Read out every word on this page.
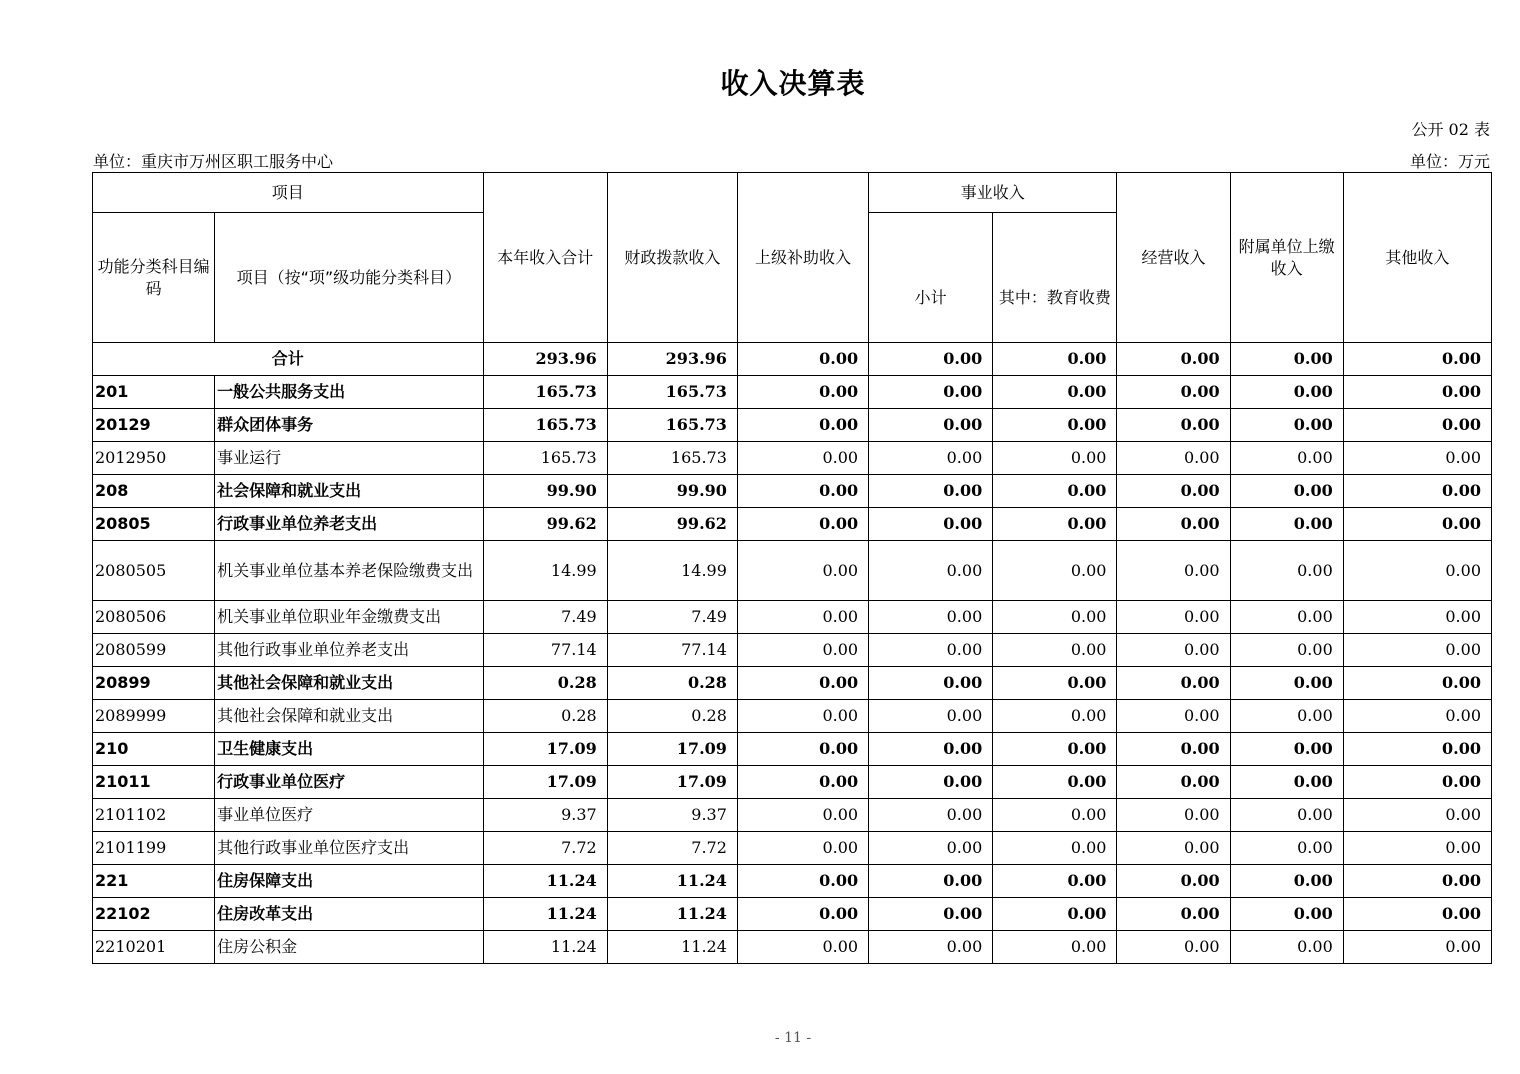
收入决算表
公开 02 表
单位：重庆市万州区职工服务中心	单位：万元
项目		本年收入合计	财政拨款收入	上级补助收入	事业收入		经营收入	附属单位上缴收入	其他收入
功能分类科目编码	项目（按“项”级功能分类科目）				小计	其中：教育收费			
合计		293.96	293.96	0.00	0.00	0.00	0.00	0.00	0.00
201	一般公共服务支出	165.73	165.73	0.00	0.00	0.00	0.00	0.00	0.00
20129	群众团体事务	165.73	165.73	0.00	0.00	0.00	0.00	0.00	0.00
2012950	事业运行	165.73	165.73	0.00	0.00	0.00	0.00	0.00	0.00
208	社会保障和就业支出	99.90	99.90	0.00	0.00	0.00	0.00	0.00	0.00
20805	行政事业单位养老支出	99.62	99.62	0.00	0.00	0.00	0.00	0.00	0.00
2080505	机关事业单位基本养老保险缴费支出	14.99	14.99	0.00	0.00	0.00	0.00	0.00	0.00
2080506	机关事业单位职业年金缴费支出	7.49	7.49	0.00	0.00	0.00	0.00	0.00	0.00
2080599	其他行政事业单位养老支出	77.14	77.14	0.00	0.00	0.00	0.00	0.00	0.00
20899	其他社会保障和就业支出	0.28	0.28	0.00	0.00	0.00	0.00	0.00	0.00
2089999	其他社会保障和就业支出	0.28	0.28	0.00	0.00	0.00	0.00	0.00	0.00
210	卫生健康支出	17.09	17.09	0.00	0.00	0.00	0.00	0.00	0.00
21011	行政事业单位医疗	17.09	17.09	0.00	0.00	0.00	0.00	0.00	0.00
2101102	事业单位医疗	9.37	9.37	0.00	0.00	0.00	0.00	0.00	0.00
2101199	其他行政事业单位医疗支出	7.72	7.72	0.00	0.00	0.00	0.00	0.00	0.00
221	住房保障支出	11.24	11.24	0.00	0.00	0.00	0.00	0.00	0.00
22102	住房改革支出	11.24	11.24	0.00	0.00	0.00	0.00	0.00	0.00
2210201	住房公积金	11.24	11.24	0.00	0.00	0.00	0.00	0.00	0.00
- 11 -
